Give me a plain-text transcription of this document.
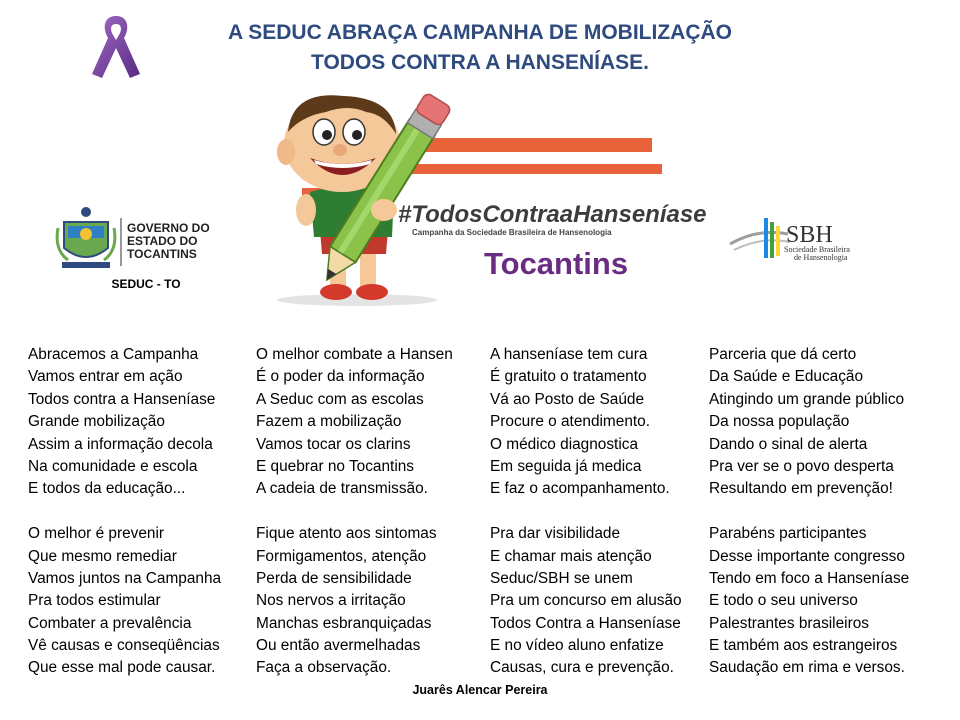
A SEDUC ABRAÇA CAMPANHA DE MOBILIZAÇÃO
TODOS CONTRA A HANSENÍASE.
#TodosContraaHanseníase
Campanha da Sociedade Brasileira de Hansenologia
Tocantins
GOVERNO DO
ESTADO DO
TOCANTINS
SEDUC - TO
SBH
Sociedade Brasileira
de Hansenologia
Abracemos a Campanha
Vamos entrar em ação
Todos contra a Hanseníase
Grande mobilização
Assim a informação decola
Na comunidade e escola
E todos da educação...
O melhor é prevenir
Que mesmo remediar
Vamos juntos na Campanha
Pra todos estimular
Combater a prevalência
Vê causas e conseqüências
Que esse mal pode causar.
O melhor combate a Hansen
É o poder da informação
A Seduc com as escolas
Fazem a mobilização
Vamos tocar os clarins
E quebrar no Tocantins
A cadeia de transmissão.
Fique atento aos sintomas
Formigamentos, atenção
Perda de sensibilidade
Nos nervos a irritação
Manchas esbranquiçadas
Ou então avermelhadas
Faça a observação.
A hanseníase tem cura
É gratuito o tratamento
Vá ao Posto de Saúde
Procure o atendimento.
O médico diagnostica
Em seguida já medica
E faz o acompanhamento.
Pra dar visibilidade
E chamar mais atenção
Seduc/SBH se unem
Pra um concurso em alusão
Todos Contra a Hanseníase
E no vídeo aluno enfatize
Causas, cura e prevenção.
Parceria que dá certo
Da Saúde e Educação
Atingindo um grande público
Da nossa população
Dando o sinal de alerta
Pra ver se o povo desperta
Resultando em prevenção!
Parabéns participantes
Desse importante congresso
Tendo em foco a Hanseníase
E todo o seu universo
Palestrantes brasileiros
E também aos estrangeiros
Saudação em rima e versos.
Juarês Alencar Pereira
